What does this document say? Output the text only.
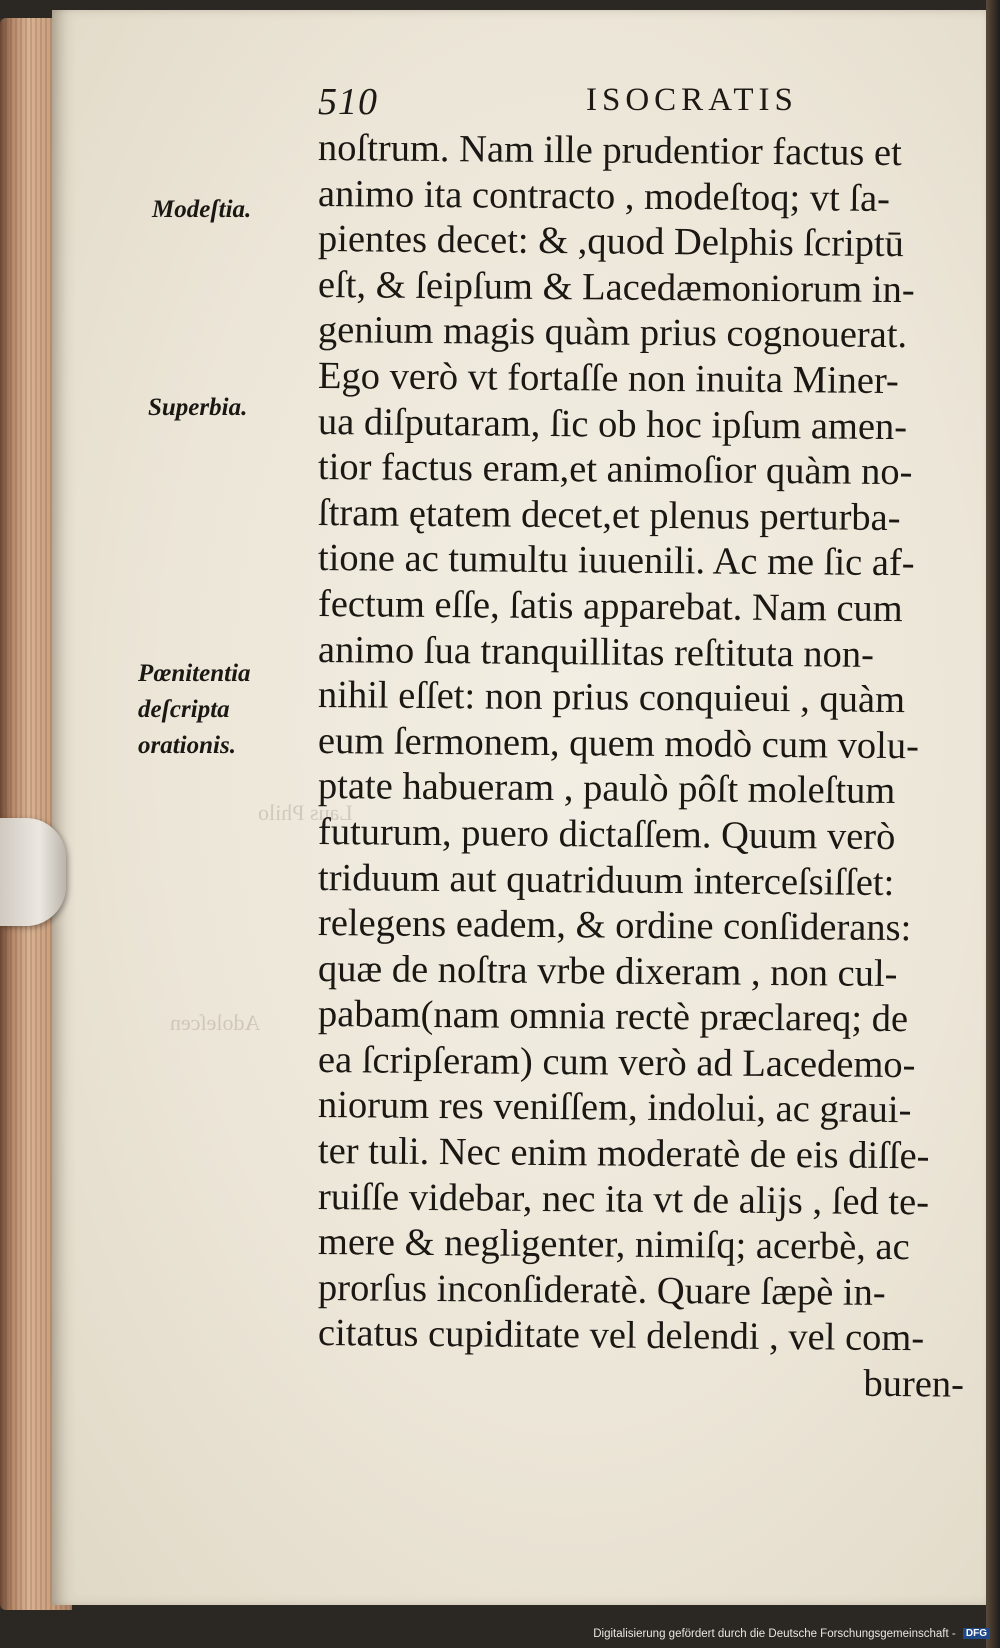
Laus Philo
Adoleſcen
510	ISOCRATIS
Modeſtia.
Superbia.
Pœnitentia
deſcripta
orationis.
noſtrum. Nam ille prudentior factus et
animo ita contracto , modeſtoq; vt ſa-
pientes decet: & ,quod Delphis ſcriptū
eſt, & ſeipſum & Lacedæmoniorum in-
genium magis quàm prius cognouerat.
Ego verò vt fortaſſe non inuita Miner-
ua diſputaram, ſic ob hoc ipſum amen-
tior factus eram,et animoſior quàm no-
ſtram ętatem decet,et plenus perturba-
tione ac tumultu iuuenili. Ac me ſic af-
fectum eſſe, ſatis apparebat. Nam cum
animo ſua tranquillitas reſtituta non-
nihil eſſet: non prius conquieui , quàm
eum ſermonem, quem modò cum volu-
ptate habueram , paulò pôſt moleſtum
futurum, puero dictaſſem. Quum verò
triduum aut quatriduum interceſsiſſet:
relegens eadem, & ordine conſiderans:
quæ de noſtra vrbe dixeram , non cul-
pabam(nam omnia rectè præclareq; de
ea ſcripſeram) cum verò ad Lacedemo-
niorum res veniſſem, indolui, ac graui-
ter tuli. Nec enim moderatè de eis diſſe-
ruiſſe videbar, nec ita vt de alijs , ſed te-
mere & negligenter, nimiſq; acerbè, ac
prorſus inconſideratè. Quare ſæpè in-
citatus cupiditate vel delendi , vel com-
buren-
Digitalisierung gefördert durch die Deutsche Forschungsgemeinschaft - DFG
